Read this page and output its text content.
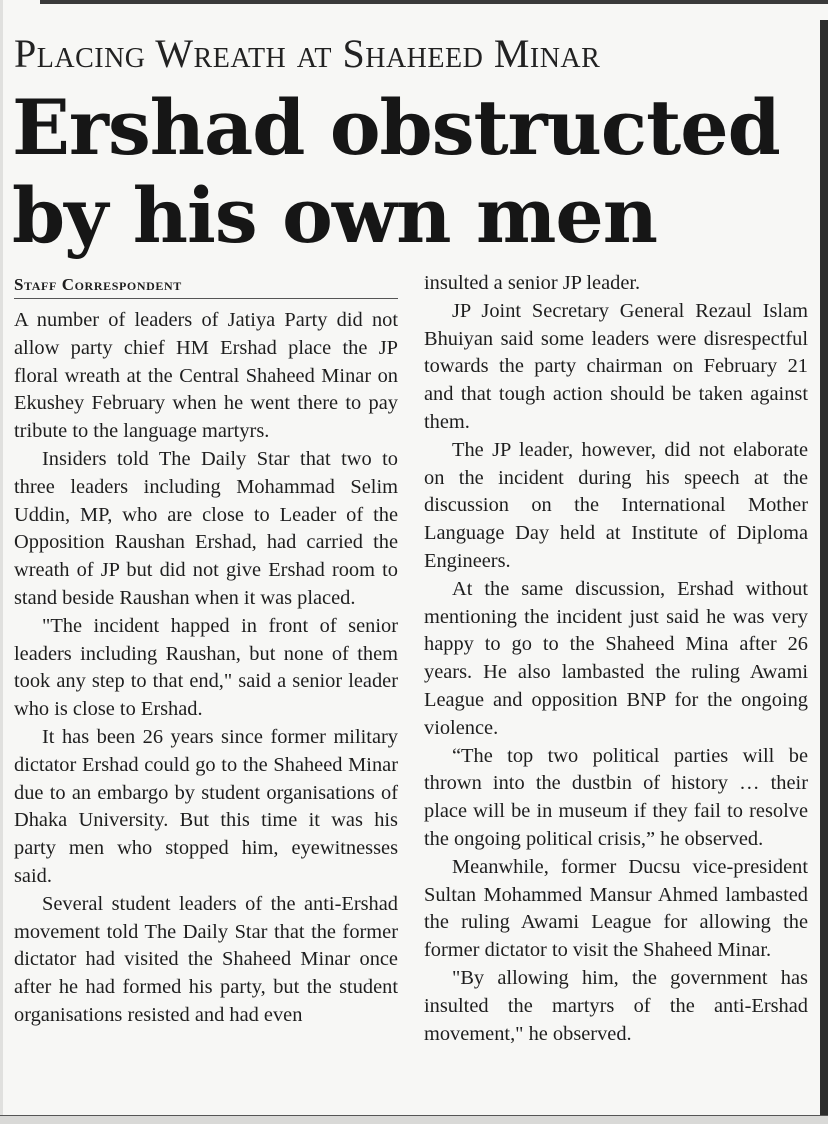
Placing Wreath at Shaheed Minar
Ershad obstructed by his own men
Staff Correspondent

A number of leaders of Jatiya Party did not allow party chief HM Ershad place the JP floral wreath at the Central Shaheed Minar on Ekushey February when he went there to pay tribute to the language martyrs.

Insiders told The Daily Star that two to three leaders including Mohammad Selim Uddin, MP, who are close to Leader of the Opposition Raushan Ershad, had carried the wreath of JP but did not give Ershad room to stand beside Raushan when it was placed.

"The incident happed in front of senior leaders including Raushan, but none of them took any step to that end," said a senior leader who is close to Ershad.

It has been 26 years since former military dictator Ershad could go to the Shaheed Minar due to an embargo by student organisations of Dhaka University. But this time it was his party men who stopped him, eyewitnesses said.

Several student leaders of the anti-Ershad movement told The Daily Star that the former dictator had visited the Shaheed Minar once after he had formed his party, but the student organisations resisted and had even

insulted a senior JP leader.

JP Joint Secretary General Rezaul Islam Bhuiyan said some leaders were disrespectful towards the party chairman on February 21 and that tough action should be taken against them.

The JP leader, however, did not elaborate on the incident during his speech at the discussion on the International Mother Language Day held at Institute of Diploma Engineers.

At the same discussion, Ershad without mentioning the incident just said he was very happy to go to the Shaheed Mina after 26 years. He also lambasted the ruling Awami League and opposition BNP for the ongoing violence.

“The top two political parties will be thrown into the dustbin of history … their place will be in museum if they fail to resolve the ongoing political crisis,” he observed.

Meanwhile, former Ducsu vice-president Sultan Mohammed Mansur Ahmed lambasted the ruling Awami League for allowing the former dictator to visit the Shaheed Minar.

"By allowing him, the government has insulted the martyrs of the anti-Ershad movement," he observed.
